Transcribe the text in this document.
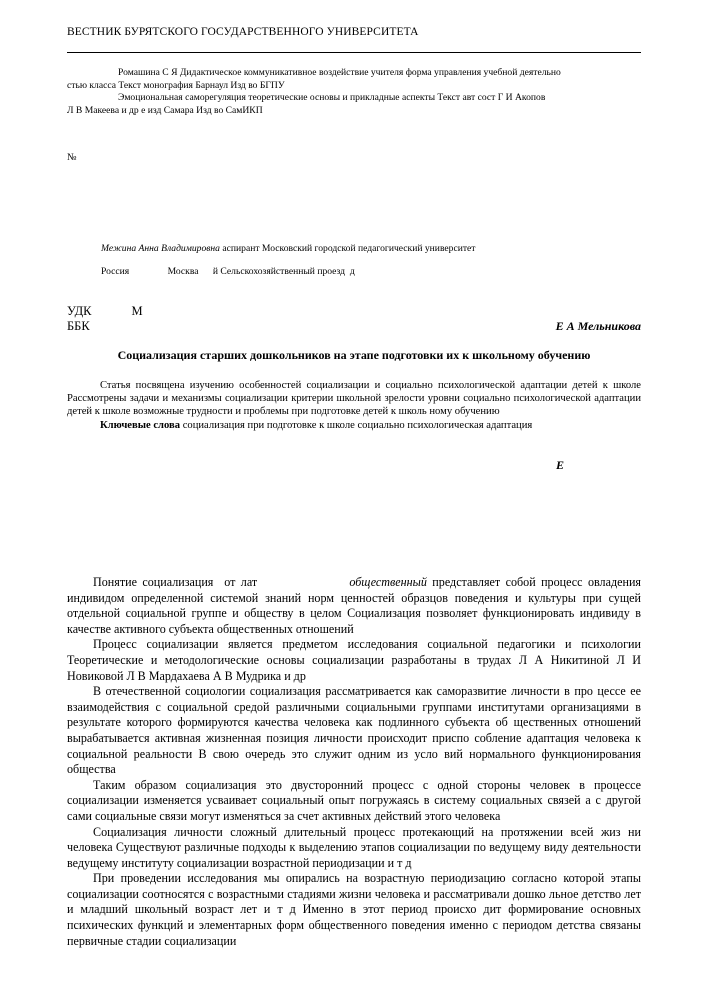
ВЕСТНИК БУРЯТСКОГО ГОСУДАРСТВЕННОГО УНИВЕРСИТЕТА
Ромашина С Я Дидактическое коммуникативное воздействие учителя форма управления учебной деятельно
стью класса Текст монография Барнаул Изд во БГПУ
Эмоциональная саморегуляция теоретические основы и прикладные аспекты Текст авт сост Г И Акопов
Л В Макеева и др е изд Самара Изд во СамИКП
№
Межина Анна Владимировна аспирант Московский городской педагогический университет
Россия                Москва      й Сельскохозяйственный проезд  д
УДК	М
ББК	Е А Мельникова
Социализация старших дошкольников на этапе подготовки их к школьному обучению

Статья посвящена изучению особенностей социализации и социально психологической адаптации детей к школе Рассмотрены задачи и механизмы социализации критерии школьной зрелости уровни социально психологической адаптации детей к школе возможные трудности и проблемы при подготовке детей к школь ному обучению

Ключевые слова социализация при подготовке к школе социально психологическая адаптация

E

Понятие социализация  от лат                 общественный представляет собой процесс овладения индивидом определенной системой знаний норм ценностей образцов поведения и культуры при сущей отдельной социальной группе и обществу в целом Социализация позволяет функционировать индивиду в качестве активного субъекта общественных отношений

Процесс социализации является предметом исследования социальной педагогики и психологии Теоретические и методологические основы социализации разработаны в трудах Л А Никитиной Л И Новиковой Л В Мардахаева А В Мудрика и др

В отечественной социологии социализация рассматривается как саморазвитие личности в про цессе ее взаимодействия с социальной средой различными социальными группами институтами организациями в результате которого формируются качества человека как подлинного субъекта об щественных отношений вырабатывается активная жизненная позиция личности происходит приспо собление адаптация человека к социальной реальности В свою очередь это служит одним из усло вий нормального функционирования общества

Таким образом социализация это двусторонний процесс с одной стороны человек в процессе социализации изменяется усваивает социальный опыт погружаясь в систему социальных связей а с другой сами социальные связи могут изменяться за счет активных действий этого человека

Социализация личности сложный длительный процесс протекающий на протяжении всей жиз ни человека Существуют различные подходы к выделению этапов социализации по ведущему виду деятельности ведущему институту социализации возрастной периодизации и т д

При проведении исследования мы опирались на возрастную периодизацию согласно которой этапы социализации соотносятся с возрастными стадиями жизни человека и рассматривали дошко льное детство лет и младший школьный возраст лет и т д Именно в этот период происхо дит формирование основных психических функций и элементарных форм общественного поведения именно с периодом детства связаны первичные стадии социализации
